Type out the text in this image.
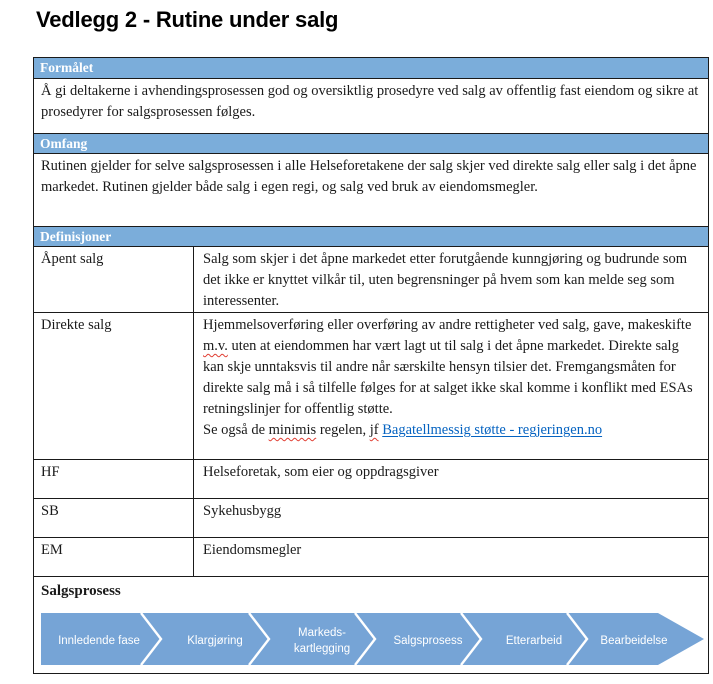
Vedlegg 2 - Rutine under salg
Formålet
Å gi deltakerne i avhendingsprosessen god og oversiktlig prosedyre ved salg av offentlig fast eiendom og sikre at prosedyrer for salgsprosessen følges.
Omfang
Rutinen gjelder for selve salgsprosessen i alle Helseforetakene der salg skjer ved direkte salg eller salg i det åpne markedet. Rutinen gjelder både salg i egen regi, og salg ved bruk av eiendomsmegler.
Definisjoner
Åpent salg	Salg som skjer i det åpne markedet etter forutgående kunngjøring og budrunde som det ikke er knyttet vilkår til, uten begrensninger på hvem som kan melde seg som interessenter.
Direkte salg	Hjemmelsoverføring eller overføring av andre rettigheter ved salg, gave, makeskifte m.v. uten at eiendommen har vært lagt ut til salg i det åpne markedet. Direkte salg kan skje unntaksvis til andre når særskilte hensyn tilsier det. Fremgangsmåten for direkte salg må i så tilfelle følges for at salget ikke skal komme i konflikt med ESAs retningslinjer for offentlig støtte.

Se også de minimis regelen, jf Bagatellmessig støtte - regjeringen.no

HF	Helseforetak, som eier og oppdragsgiver
SB	Sykehusbygg
EM	Eiendomsmegler
Salgsprosess
Innledende fase	Klargjøring
Markeds-
kartlegging
Salgsprosess	Etterarbeid	Bearbeidelse
